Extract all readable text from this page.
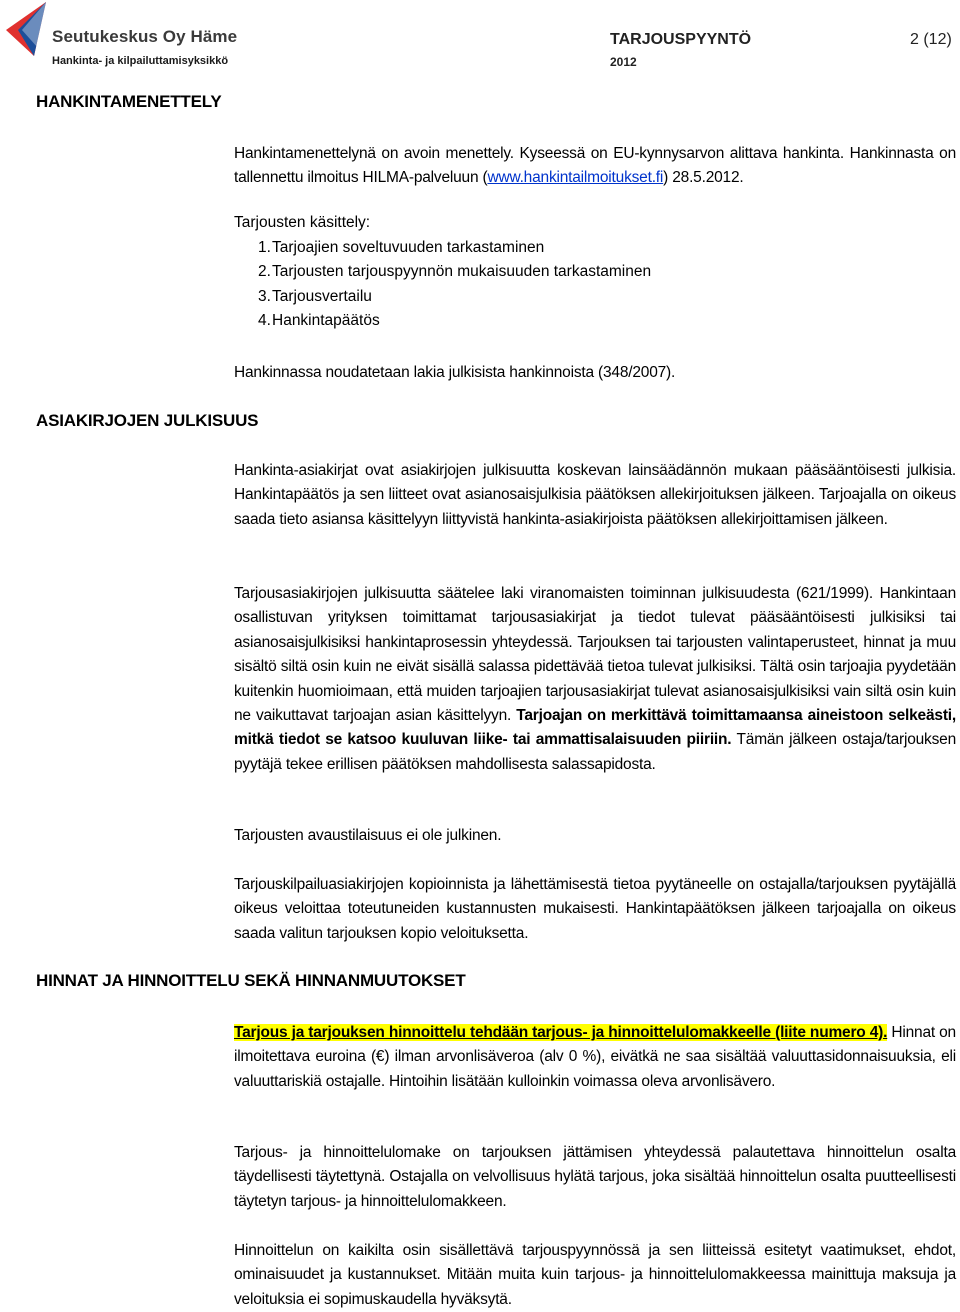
Seutukeskus Oy Häme
Hankinta- ja kilpailuttamisyksikkö
TARJOUSPYYNTÖ
2012
2 (12)
HANKINTAMENETTELY
Hankintamenettelynä on avoin menettely. Kyseessä on EU-kynnysarvon alittava hankinta. Hankinnasta on tallennettu ilmoitus HILMA-palveluun (www.hankintailmoitukset.fi) 28.5.2012.
Tarjousten käsittely:
1. Tarjoajien soveltuvuuden tarkastaminen
2. Tarjousten tarjouspyynnön mukaisuuden tarkastaminen
3. Tarjousvertailu
4. Hankintapäätös
Hankinnassa noudatetaan lakia julkisista hankinnoista (348/2007).
ASIAKIRJOJEN JULKISUUS
Hankinta-asiakirjat ovat asiakirjojen julkisuutta koskevan lainsäädännön mukaan pääsääntöisesti julkisia. Hankintapäätös ja sen liitteet ovat asianosaisjulkisia päätöksen allekirjoituksen jälkeen. Tarjoajalla on oikeus saada tieto asiansa käsittelyyn liittyvistä hankinta-asiakirjoista päätöksen allekirjoittamisen jälkeen.
Tarjousasiakirjojen julkisuutta säätelee laki viranomaisten toiminnan julkisuudesta (621/1999). Hankintaan osallistuvan yrityksen toimittamat tarjousasiakirjat ja tiedot tulevat pääsääntöisesti julkisiksi tai asianosaisjulkisiksi hankintaprosessin yhteydessä. Tarjouksen tai tarjousten valintaperusteet, hinnat ja muu sisältö siltä osin kuin ne eivät sisällä salassa pidettävää tietoa tulevat julkisiksi. Tältä osin tarjoajia pyydetään kuitenkin huomioimaan, että muiden tarjoajien tarjousasiakirjat tulevat asianosaisjulkisiksi vain siltä osin kuin ne vaikuttavat tarjoajan asian käsittelyyn. Tarjoajan on merkittävä toimittamaansa aineistoon selkeästi, mitkä tiedot se katsoo kuuluvan liike- tai ammattisalaisuuden piiriin. Tämän jälkeen ostaja/tarjouksen pyytäjä tekee erillisen päätöksen mahdollisesta salassapidosta.
Tarjousten avaustilaisuus ei ole julkinen.
Tarjouskilpailuasiakirjojen kopioinnista ja lähettämisestä tietoa pyytäneelle on ostajalla/tarjouksen pyytäjällä oikeus veloittaa toteutuneiden kustannusten mukaisesti. Hankintapäätöksen jälkeen tarjoajalla on oikeus saada valitun tarjouksen kopio veloituksetta.
HINNAT JA HINNOITTELU SEKÄ HINNANMUUTOKSET
Tarjous ja tarjouksen hinnoittelu tehdään tarjous- ja hinnoittelulomakkeelle (liite numero 4). Hinnat on ilmoitettava euroina (€) ilman arvonlisäveroa (alv 0 %), eivätkä ne saa sisältää valuuttasidonnaisuuksia, eli valuuttariskiä ostajalle. Hintoihin lisätään kulloinkin voimassa oleva arvonlisävero.
Tarjous- ja hinnoittelulomake on tarjouksen jättämisen yhteydessä palautettava hinnoittelun osalta täydellisesti täytettynä. Ostajalla on velvollisuus hylätä tarjous, joka sisältää hinnoittelun osalta puutteellisesti täytetyn tarjous- ja hinnoittelulomakkeen.
Hinnoittelun on kaikilta osin sisällettävä tarjouspyynnössä ja sen liitteissä esitetyt vaatimukset, ehdot, ominaisuudet ja kustannukset. Mitään muita kuin tarjous- ja hinnoittelulomakkeessa mainittuja maksuja ja veloituksia ei sopimuskaudella hyväksytä.
